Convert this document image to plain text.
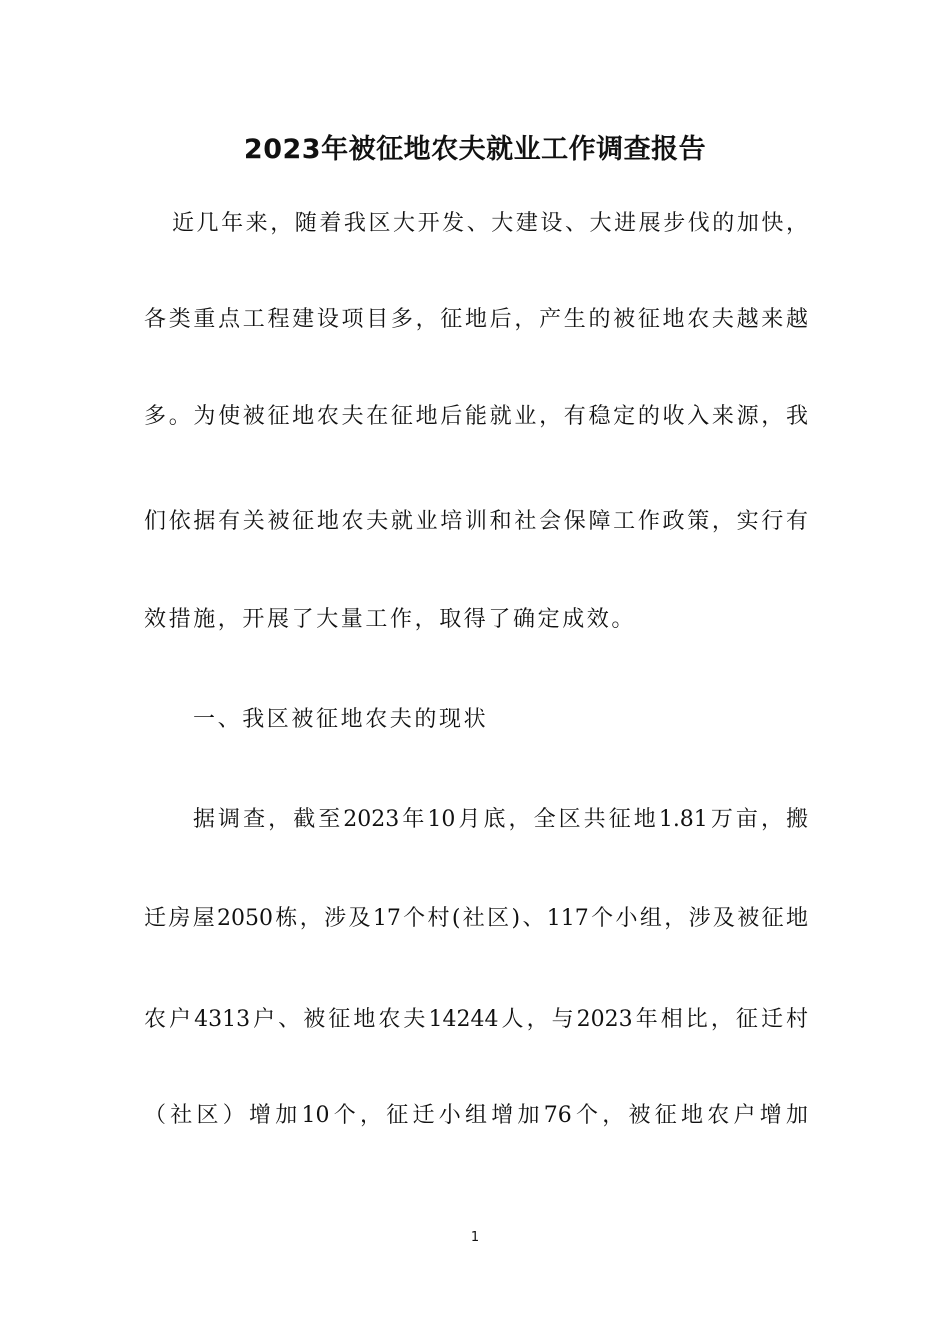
2023年被征地农夫就业工作调查报告
近几年来，随着我区大开发、大建设、大进展步伐的加快，
各类重点工程建设项目多，征地后，产生的被征地农夫越来越
多。为使被征地农夫在征地后能就业，有稳定的收入来源，我
们依据有关被征地农夫就业培训和社会保障工作政策，实行有
效措施，开展了大量工作，取得了确定成效。
一、我区被征地农夫的现状
据调查，截至2023年10月底，全区共征地1.81万亩，搬
迁房屋2050栋，涉及17个村(社区)、117个小组，涉及被征地
农户4313户、被征地农夫14244人，与2023年相比，征迁村
（社区）增加10个，征迁小组增加76个，被征地农户增加
1
